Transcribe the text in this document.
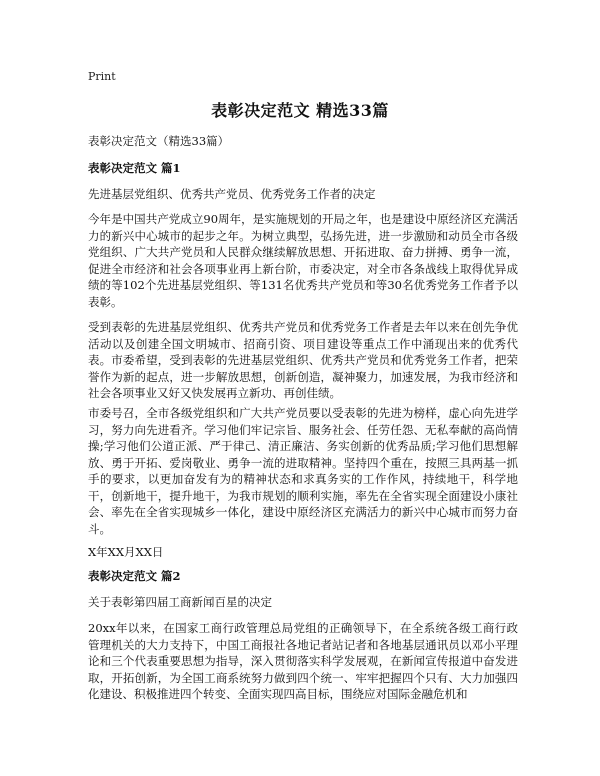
Print
表彰决定范文 精选33篇
表彰决定范文（精选33篇）
表彰决定范文 篇1
先进基层党组织、优秀共产党员、优秀党务工作者的决定
今年是中国共产党成立90周年，是实施规划的开局之年，也是建设中原经济区充满活力的新兴中心城市的起步之年。为树立典型，弘扬先进，进一步激励和动员全市各级党组织、广大共产党员和人民群众继续解放思想、开拓进取、奋力拼搏、勇争一流，促进全市经济和社会各项事业再上新台阶，市委决定，对全市各条战线上取得优异成绩的等102个先进基层党组织、等131名优秀共产党员和等30名优秀党务工作者予以表彰。
受到表彰的先进基层党组织、优秀共产党员和优秀党务工作者是去年以来在创先争优活动以及创建全国文明城市、招商引资、项目建设等重点工作中涌现出来的优秀代表。市委希望，受到表彰的先进基层党组织、优秀共产党员和优秀党务工作者，把荣誉作为新的起点，进一步解放思想，创新创造，凝神聚力，加速发展，为我市经济和社会各项事业又好又快发展再立新功、再创佳绩。
市委号召，全市各级党组织和广大共产党员要以受表彰的先进为榜样，虚心向先进学习，努力向先进看齐。学习他们牢记宗旨、服务社会、任劳任怨、无私奉献的高尚情操;学习他们公道正派、严于律己、清正廉洁、务实创新的优秀品质;学习他们思想解放、勇于开拓、爱岗敬业、勇争一流的进取精神。坚持四个重在，按照三具两基一抓手的要求，以更加奋发有为的精神状态和求真务实的工作作风，持续地干，科学地干，创新地干，提升地干，为我市规划的顺利实施，率先在全省实现全面建设小康社会、率先在全省实现城乡一体化，建设中原经济区充满活力的新兴中心城市而努力奋斗。
X年XX月XX日
表彰决定范文 篇2
关于表彰第四届工商新闻百星的决定
20xx年以来，在国家工商行政管理总局党组的正确领导下，在全系统各级工商行政管理机关的大力支持下，中国工商报社各地记者站记者和各地基层通讯员以邓小平理论和三个代表重要思想为指导，深入贯彻落实科学发展观，在新闻宣传报道中奋发进取，开拓创新，为全国工商系统努力做到四个统一、牢牢把握四个只有、大力加强四化建设、积极推进四个转变、全面实现四高目标，围绕应对国际金融危机和
